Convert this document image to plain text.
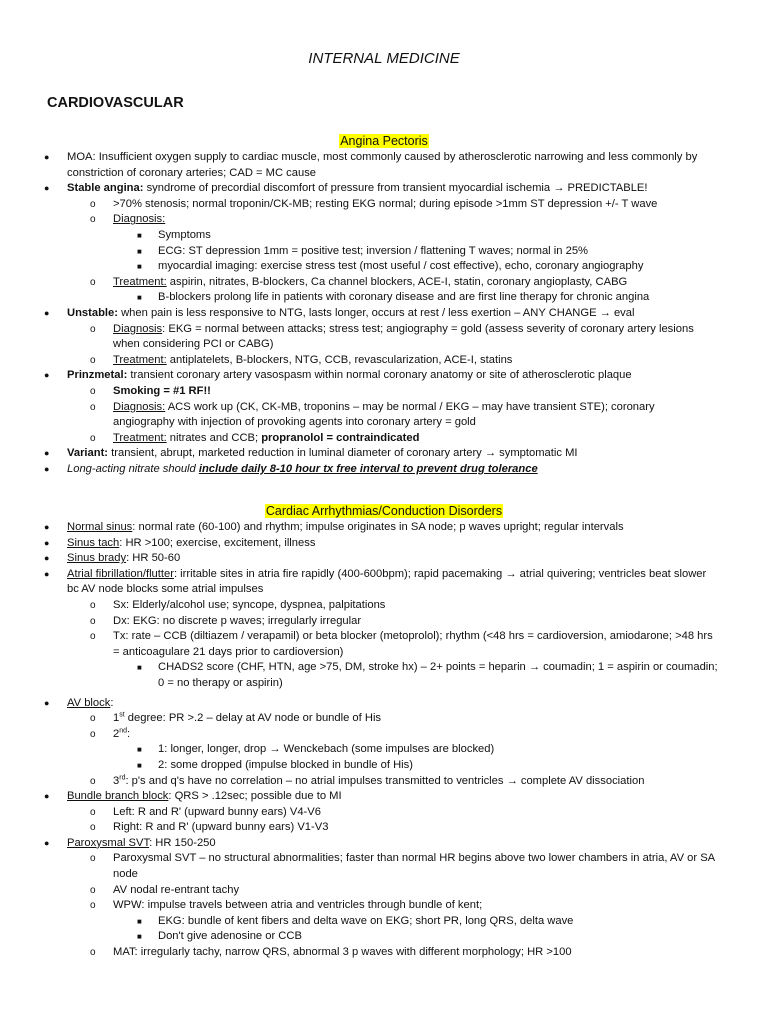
INTERNAL MEDICINE
CARDIOVASCULAR
Angina Pectoris
● MOA: Insufficient oxygen supply to cardiac muscle, most commonly caused by atherosclerotic narrowing and less commonly by constriction of coronary arteries; CAD = MC cause
● Stable angina: syndrome of precordial discomfort of pressure from transient myocardial ischemia → PREDICTABLE!
o >70% stenosis; normal troponin/CK-MB; resting EKG normal; during episode >1mm ST depression +/- T wave
o Diagnosis:
■ Symptoms
■ ECG: ST depression 1mm = positive test; inversion / flattening T waves; normal in 25%
■ myocardial imaging: exercise stress test (most useful / cost effective), echo, coronary angiography
o Treatment: aspirin, nitrates, B-blockers, Ca channel blockers, ACE-I, statin, coronary angioplasty, CABG
■ B-blockers prolong life in patients with coronary disease and are first line therapy for chronic angina
● Unstable: when pain is less responsive to NTG, lasts longer, occurs at rest / less exertion – ANY CHANGE → eval
o Diagnosis: EKG = normal between attacks; stress test; angiography = gold (assess severity of coronary artery lesions when considering PCI or CABG)
o Treatment: antiplatelets, B-blockers, NTG, CCB, revascularization, ACE-I, statins
● Prinzmetal: transient coronary artery vasospasm within normal coronary anatomy or site of atherosclerotic plaque
o Smoking = #1 RF!!
o Diagnosis: ACS work up (CK, CK-MB, troponins – may be normal / EKG – may have transient STE); coronary angiography with injection of provoking agents into coronary artery = gold
o Treatment: nitrates and CCB; propranolol = contraindicated
● Variant: transient, abrupt, marketed reduction in luminal diameter of coronary artery → symptomatic MI
● Long-acting nitrate should include daily 8-10 hour tx free interval to prevent drug tolerance
Cardiac Arrhythmias/Conduction Disorders
● Normal sinus: normal rate (60-100) and rhythm; impulse originates in SA node; p waves upright; regular intervals
● Sinus tach: HR >100; exercise, excitement, illness
● Sinus brady: HR 50-60
● Atrial fibrillation/flutter: irritable sites in atria fire rapidly (400-600bpm); rapid pacemaking → atrial quivering; ventricles beat slower bc AV node blocks some atrial impulses
o Sx: Elderly/alcohol use; syncope, dyspnea, palpitations
o Dx: EKG: no discrete p waves; irregularly irregular
o Tx: rate – CCB (diltiazem / verapamil) or beta blocker (metoprolol); rhythm (<48 hrs = cardioversion, amiodarone; >48 hrs = anticoagulare 21 days prior to cardioversion)
■ CHADS2 score (CHF, HTN, age >75, DM, stroke hx) – 2+ points = heparin → coumadin; 1 = aspirin or coumadin; 0 = no therapy or aspirin)
● AV block:
o 1st degree: PR >.2 – delay at AV node or bundle of His
o 2nd:
■ 1: longer, longer, drop → Wenckebach (some impulses are blocked)
■ 2: some dropped (impulse blocked in bundle of His)
o 3rd: p's and q's have no correlation – no atrial impulses transmitted to ventricles → complete AV dissociation
● Bundle branch block: QRS > .12sec; possible due to MI
o Left: R and R' (upward bunny ears) V4-V6
o Right: R and R' (upward bunny ears) V1-V3
● Paroxysmal SVT: HR 150-250
o Paroxysmal SVT – no structural abnormalities; faster than normal HR begins above two lower chambers in atria, AV or SA node
o AV nodal re-entrant tachy
o WPW: impulse travels between atria and ventricles through bundle of kent;
■ EKG: bundle of kent fibers and delta wave on EKG; short PR, long QRS, delta wave
■ Don't give adenosine or CCB
o MAT: irregularly tachy, narrow QRS, abnormal 3 p waves with different morphology; HR >100
